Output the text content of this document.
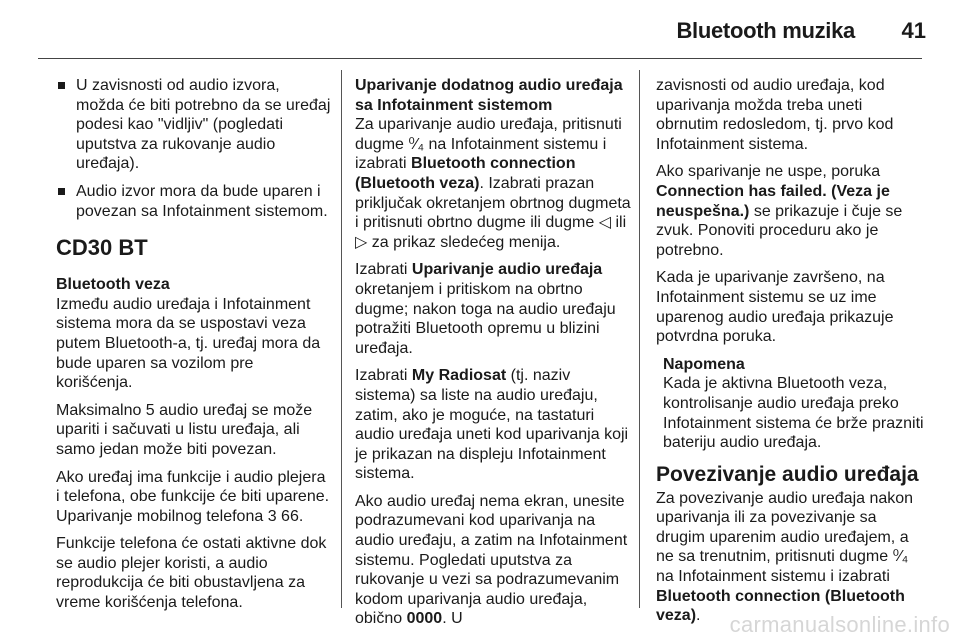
Bluetooth muzika 41
U zavisnosti od audio izvora, možda će biti potrebno da se uređaj podesi kao "vidljiv" (pogledati uputstva za rukovanje audio uređaja).
Audio izvor mora da bude uparen i povezan sa Infotainment sistemom.
CD30 BT
Bluetooth veza

Između audio uređaja i Infotainment sistema mora da se uspostavi veza putem Bluetooth-a, tj. uređaj mora da bude uparen sa vozilom pre korišćenja.

Maksimalno 5 audio uređaj se može upariti i sačuvati u listu uređaja, ali samo jedan može biti povezan.

Ako uređaj ima funkcije i audio plejera i telefona, obe funkcije će biti uparene. Uparivanje mobilnog telefona 3 66.

Funkcije telefona će ostati aktivne dok se audio plejer koristi, a audio reprodukcija će biti obustavljena za vreme korišćenja telefona.

Uparivanje dodatnog audio uređaja sa Infotainment sistemom

Za uparivanje audio uređaja, pritisnuti dugme ⁰⁄₄ na Infotainment sistemu i izabrati Bluetooth connection (Bluetooth veza). Izabrati prazan priključak okretanjem obrtnog dugmeta i pritisnuti obrtno dugme ili dugme ◁ ili ▷ za prikaz sledećeg menija.

Izabrati Uparivanje audio uređaja okretanjem i pritiskom na obrtno dugme; nakon toga na audio uređaju potražiti Bluetooth opremu u blizini uređaja.

Izabrati My Radiosat (tj. naziv sistema) sa liste na audio uređaju, zatim, ako je moguće, na tastaturi audio uređaja uneti kod uparivanja koji je prikazan na displeju Infotainment sistema.

Ako audio uređaj nema ekran, unesite podrazumevani kod uparivanja na audio uređaju, a zatim na Infotainment sistemu. Pogledati uputstva za rukovanje u vezi sa podrazumevanim kodom uparivanja audio uređaja, obično 0000. U

zavisnosti od audio uređaja, kod uparivanja možda treba uneti obrnutim redosledom, tj. prvo kod Infotainment sistema.

Ako sparivanje ne uspe, poruka Connection has failed. (Veza je neuspešna.) se prikazuje i čuje se zvuk. Ponoviti proceduru ako je potrebno.

Kada je uparivanje završeno, na Infotainment sistemu se uz ime uparenog audio uređaja prikazuje potvrdna poruka.

Napomena
Kada je aktivna Bluetooth veza, kontrolisanje audio uređaja preko Infotainment sistema će brže prazniti bateriju audio uređaja.
Povezivanje audio uređaja

Za povezivanje audio uređaja nakon uparivanja ili za povezivanje sa drugim uparenim audio uređajem, a ne sa trenutnim, pritisnuti dugme ⁰⁄₄ na Infotainment sistemu i izabrati Bluetooth connection (Bluetooth veza).	carmanualsonline.info
